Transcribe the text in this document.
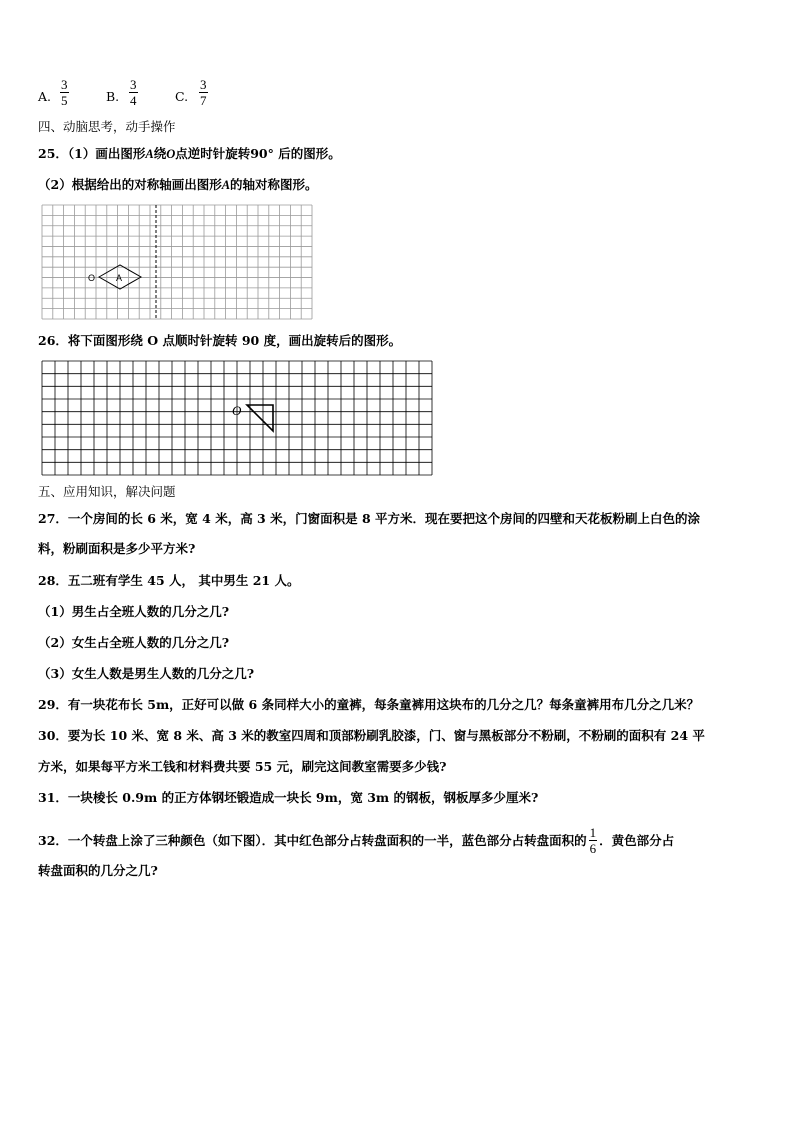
A.
3
5	B.
3
4	C.
3
7
四、动脑思考，动手操作
25．（1）画出图形A绕O点逆时针旋转90° 后的图形。
（2）根据给出的对称轴画出图形A的轴对称图形。
O A
26．将下面图形绕 O 点顺时针旋转 90 度，画出旋转后的图形。
O
五、应用知识，解决问题
27．一个房间的长 6 米，宽 4 米，高 3 米，门窗面积是 8 平方米．现在要把这个房间的四壁和天花板粉刷上白色的涂
料，粉刷面积是多少平方米?
28．五二班有学生 45 人， 其中男生 21 人。
（1）男生占全班人数的几分之几?
（2）女生占全班人数的几分之几?
（3）女生人数是男生人数的几分之几?
29．有一块花布长 5m，正好可以做 6 条同样大小的童裤，每条童裤用这块布的几分之几？每条童裤用布几分之几米？
30．要为长 10 米、宽 8 米、高 3 米的教室四周和顶部粉刷乳胶漆，门、窗与黑板部分不粉刷，不粉刷的面积有 24 平
方米，如果每平方米工钱和材料费共要 55 元，刷完这间教室需要多少钱?
31．一块棱长 0.9m 的正方体钢坯锻造成一块长 9m，宽 3m 的钢板，钢板厚多少厘米?
32．一个转盘上涂了三种颜色（如下图）．其中红色部分占转盘面积的一半，蓝色部分占转盘面积的 $\frac{1}{6}$ ．黄色部分占
转盘面积的几分之几?
